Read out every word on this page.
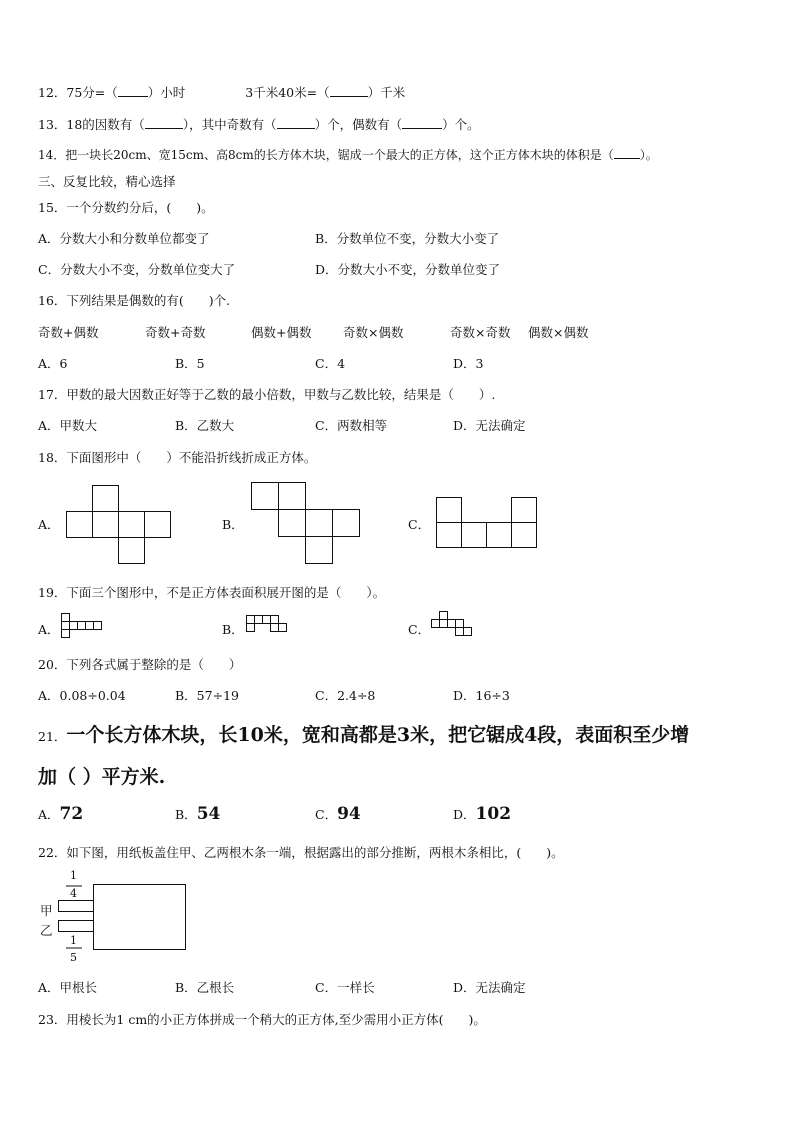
12．75分=（ ）小时	3千米40米=（	）千米
13．18的因数有（	），其中奇数有（	）个，偶数有（	）个。
14．把一块长20cm、宽15cm、高8cm的长方体木块，锯成一个最大的正方体，这个正方体木块的体积是（ ）。
三、反复比较，精心选择
15．一个分数约分后，(　　)。
A．分数大小和分数单位都变了	B．分数单位不变，分数大小变了
C．分数大小不变，分数单位变大了	D．分数大小不变，分数单位变了
16．下列结果是偶数的有(　　)个.
奇数+偶数	奇数+奇数	偶数+偶数	奇数×偶数	奇数×奇数 偶数×偶数
A．6	B．5	C．4	D．3
17．甲数的最大因数正好等于乙数的最小倍数，甲数与乙数比较，结果是（　　）.
A．甲数大	B．乙数大	C．两数相等	D．无法确定
18．下面图形中（　　）不能沿折线折成正方体。
A．	B．	C．
19．下面三个图形中，不是正方体表面积展开图的是（　　）。
A．	B．	C．
20．下列各式属于整除的是（　　）
A．0.08÷0.04	B．57÷19	C．2.4÷8	D．16÷3
21．一个长方体木块，长10米，宽和高都是3米，把它锯成4段，表面积至少增
加（ ）平方米.
A．72	B．54	C．94	D．102
22．如下图，用纸板盖住甲、乙两根木条一端，根据露出的部分推断，两根木条相比，(　　)。
1
4
1
5
甲
乙
A．甲根长	B．乙根长	C．一样长	D．无法确定
23．用棱长为1 cm的小正方体拼成一个稍大的正方体,至少需用小正方体(　　)。
